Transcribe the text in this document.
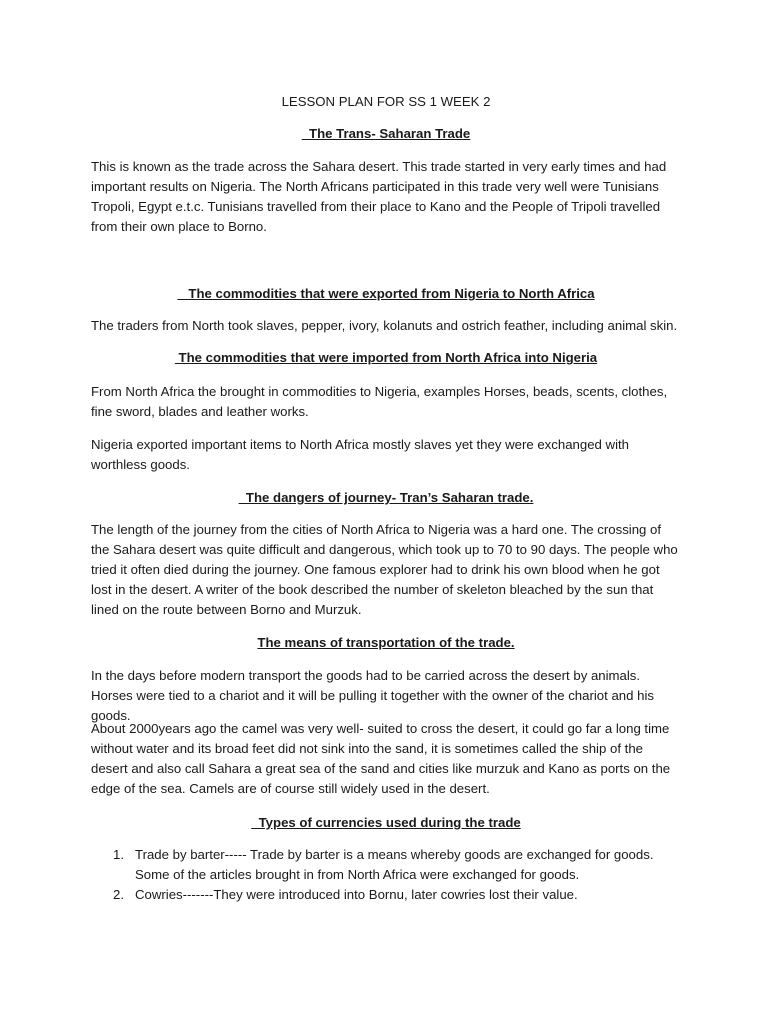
LESSON PLAN FOR SS 1 WEEK 2
The Trans- Saharan Trade

This is known as the trade across the Sahara desert. This trade started in very early times and had important results on Nigeria. The North Africans participated in this trade very well were Tunisians Tropoli, Egypt e.t.c. Tunisians travelled from their place to Kano and the People of Tripoli travelled from their own place to Borno.

The commodities that were exported from Nigeria to North Africa

The traders from North took slaves, pepper, ivory, kolanuts and ostrich feather, including animal skin.

The commodities that were imported from North Africa into Nigeria

From North Africa the brought in commodities to Nigeria, examples Horses, beads, scents, clothes, fine sword, blades and leather works.

Nigeria exported important items to North Africa mostly slaves yet they were exchanged with worthless goods.

The dangers of journey- Tran’s Saharan trade.

The length of the journey from the cities of North Africa to Nigeria was a hard one. The crossing of the Sahara desert was quite difficult and dangerous, which took up to 70 to 90 days. The people who tried it often died during the journey. One famous explorer had to drink his own blood when he got lost in the desert. A writer of the book described the number of skeleton bleached by the sun that lined on the route between Borno and Murzuk.

The means of transportation of the trade.

In the days before modern transport the goods had to be carried across the desert by animals. Horses were tied to a chariot and it will be pulling it together with the owner of the chariot and his goods.

About 2000years ago the camel was very well- suited to cross the desert, it could go far a long time without water and its broad feet did not sink into the sand, it is sometimes called the ship of the desert and also call Sahara a great sea of the sand and cities like murzuk and Kano as ports on the edge of the sea. Camels are of course still widely used in the desert.

Types of currencies used during the trade
1. Trade by barter----- Trade by barter is a means whereby goods are exchanged for goods. Some of the articles brought in from North Africa were exchanged for goods.
2. Cowries-------They were introduced into Bornu, later cowries lost their value.
